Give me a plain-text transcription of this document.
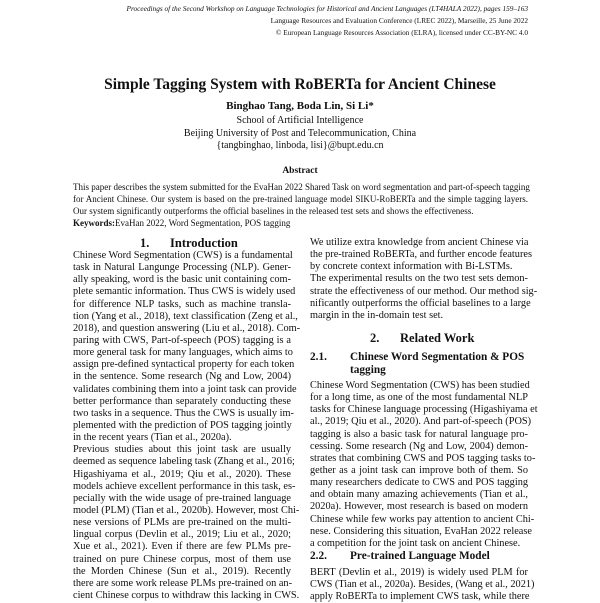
Proceedings of the Second Workshop on Language Technologies for Historical and Ancient Languages (LT4HALA 2022), pages 159–163
Language Resources and Evaluation Conference (LREC 2022), Marseille, 25 June 2022
© European Language Resources Association (ELRA), licensed under CC-BY-NC 4.0
Simple Tagging System with RoBERTa for Ancient Chinese
Binghao Tang, Boda Lin, Si Li*
School of Artificial Intelligence
Beijing University of Post and Telecommunication, China
{tangbinghao, linboda, lisi}@bupt.edu.cn
Abstract
This paper describes the system submitted for the EvaHan 2022 Shared Task on word segmentation and part-of-speech tagging
for Ancient Chinese. Our system is based on the pre-trained language model SIKU-RoBERTa and the simple tagging layers.
Our system significantly outperforms the official baselines in the released test sets and shows the effectiveness.
Keywords:EvaHan 2022, Word Segmentation, POS tagging
1. Introduction
Chinese Word Segmentation (CWS) is a fundamental
task in Natural Langunge Processing (NLP). Gener-
ally speaking, word is the basic unit containing com-
plete semantic information. Thus CWS is widely used
for difference NLP tasks, such as machine transla-
tion (Yang et al., 2018), text classification (Zeng et al.,
2018), and question answering (Liu et al., 2018). Com-
paring with CWS, Part-of-speech (POS) tagging is a
more general task for many languages, which aims to
assign pre-defined syntactical property for each token
in the sentence. Some research (Ng and Low, 2004)
validates combining them into a joint task can provide
better performance than separately conducting these
two tasks in a sequence. Thus the CWS is usually im-
plemented with the prediction of POS tagging jointly
in the recent years (Tian et al., 2020a).
Previous studies about this joint task are usually
deemed as sequence labeling task (Zhang et al., 2016;
Higashiyama et al., 2019; Qiu et al., 2020). These
models achieve excellent performance in this task, es-
pecially with the wide usage of pre-trained language
model (PLM) (Tian et al., 2020b). However, most Chi-
nese versions of PLMs are pre-trained on the multi-
lingual corpus (Devlin et al., 2019; Liu et al., 2020;
Xue et al., 2021). Even if there are few PLMs pre-
trained on pure Chinese corpus, most of them use
the Morden Chinese (Sun et al., 2019). Recently
there are some work release PLMs pre-trained on an-
cient Chinese corpus to withdraw this lacking in CWS.
We utilize extra knowledge from ancient Chinese via
the pre-trained RoBERTa, and further encode features
by concrete context information with Bi-LSTMs.
The experimental results on the two test sets demon-
strate the effectiveness of our method. Our method sig-
nificantly outperforms the official baselines to a large
margin in the in-domain test set.
2. Related Work
2.1. Chinese Word Segmentation & POS tagging
Chinese Word Segmentation (CWS) has been studied
for a long time, as one of the most fundamental NLP
tasks for Chinese language processing (Higashiyama et
al., 2019; Qiu et al., 2020). And part-of-speech (POS)
tagging is also a basic task for natural language pro-
cessing. Some research (Ng and Low, 2004) demon-
strates that combining CWS and POS tagging tasks to-
gether as a joint task can improve both of them. So
many researchers dedicate to CWS and POS tagging
and obtain many amazing achievements (Tian et al.,
2020a). However, most research is based on modern
Chinese while few works pay attention to ancient Chi-
nese. Considering this situation, EvaHan 2022 release
a competition for the joint task on ancient Chinese.
2.2. Pre-trained Language Model
BERT (Devlin et al., 2019) is widely used PLM for
CWS (Tian et al., 2020a). Besides, (Wang et al., 2021)
apply RoBERTa to implement CWS task, while there
